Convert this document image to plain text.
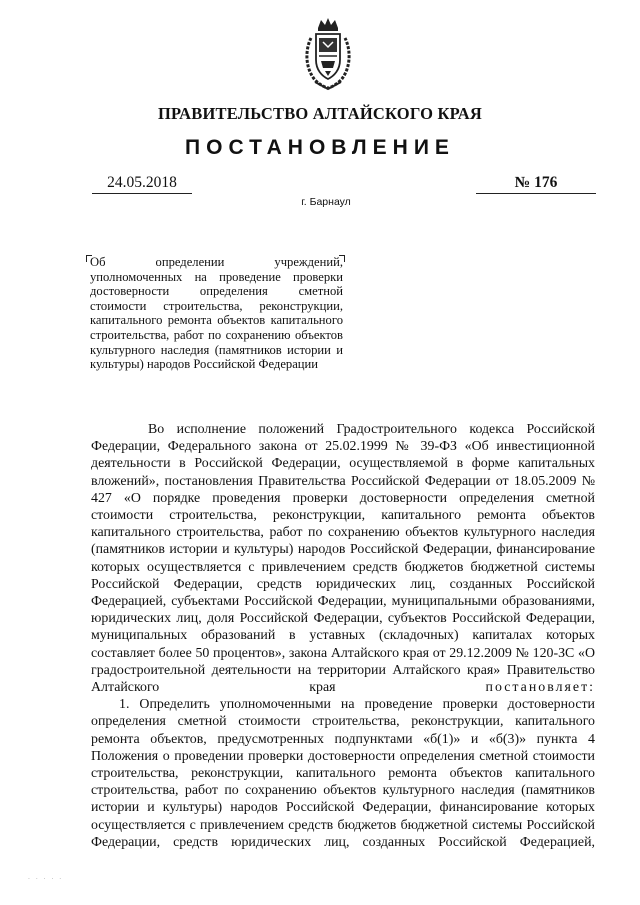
ПРАВИТЕЛЬСТВО АЛТАЙСКОГО КРАЯ
ПОСТАНОВЛЕНИЕ
24.05.2018	№ 176
г. Барнаул
Об определении учреждений, уполномоченных на проведение проверки достоверности определения сметной стоимости строительства, реконструкции, капитального ремонта объектов капитального строительства, работ по сохранению объектов культурного наследия (памятников истории и культуры) народов Российской Федерации

Во исполнение положений Градостроительного кодекса Российской Федерации, Федерального закона от 25.02.1999 № 39-ФЗ «Об инвестиционной деятельности в Российской Федерации, осуществляемой в форме капитальных вложений», постановления Правительства Российской Федерации от 18.05.2009 № 427 «О порядке проведения проверки достоверности определения сметной стоимости строительства, реконструкции, капитального ремонта объектов капитального строительства, работ по сохранению объектов культурного наследия (памятников истории и культуры) народов Российской Федерации, финансирование которых осуществляется с привлечением средств бюджетов бюджетной системы Российской Федерации, средств юридических лиц, созданных Российской Федерацией, субъектами Российской Федерации, муниципальными образованиями, юридических лиц, доля Российской Федерации, субъектов Российской Федерации, муниципальных образований в уставных (складочных) капиталах которых составляет более 50 процентов», закона Алтайского края от 29.12.2009 № 120-ЗС «О градостроительной деятельности на территории Алтайского края» Правительство Алтайского края	постановляет:

1. Определить уполномоченными на проведение проверки достоверности определения сметной стоимости строительства, реконструкции, капитального ремонта объектов, предусмотренных подпунктами «б(1)» и «б(3)» пункта 4 Положения о проведении проверки достоверности определения сметной стоимости строительства, реконструкции, капитального ремонта объектов капитального строительства, работ по сохранению объектов культурного наследия (памятников истории и культуры) народов Российской Федерации, финансирование которых осуществляется с привлечением средств бюджетов бюджетной системы Российской Федерации, средств юридических лиц, созданных Российской Федерацией,

· · · · ·
